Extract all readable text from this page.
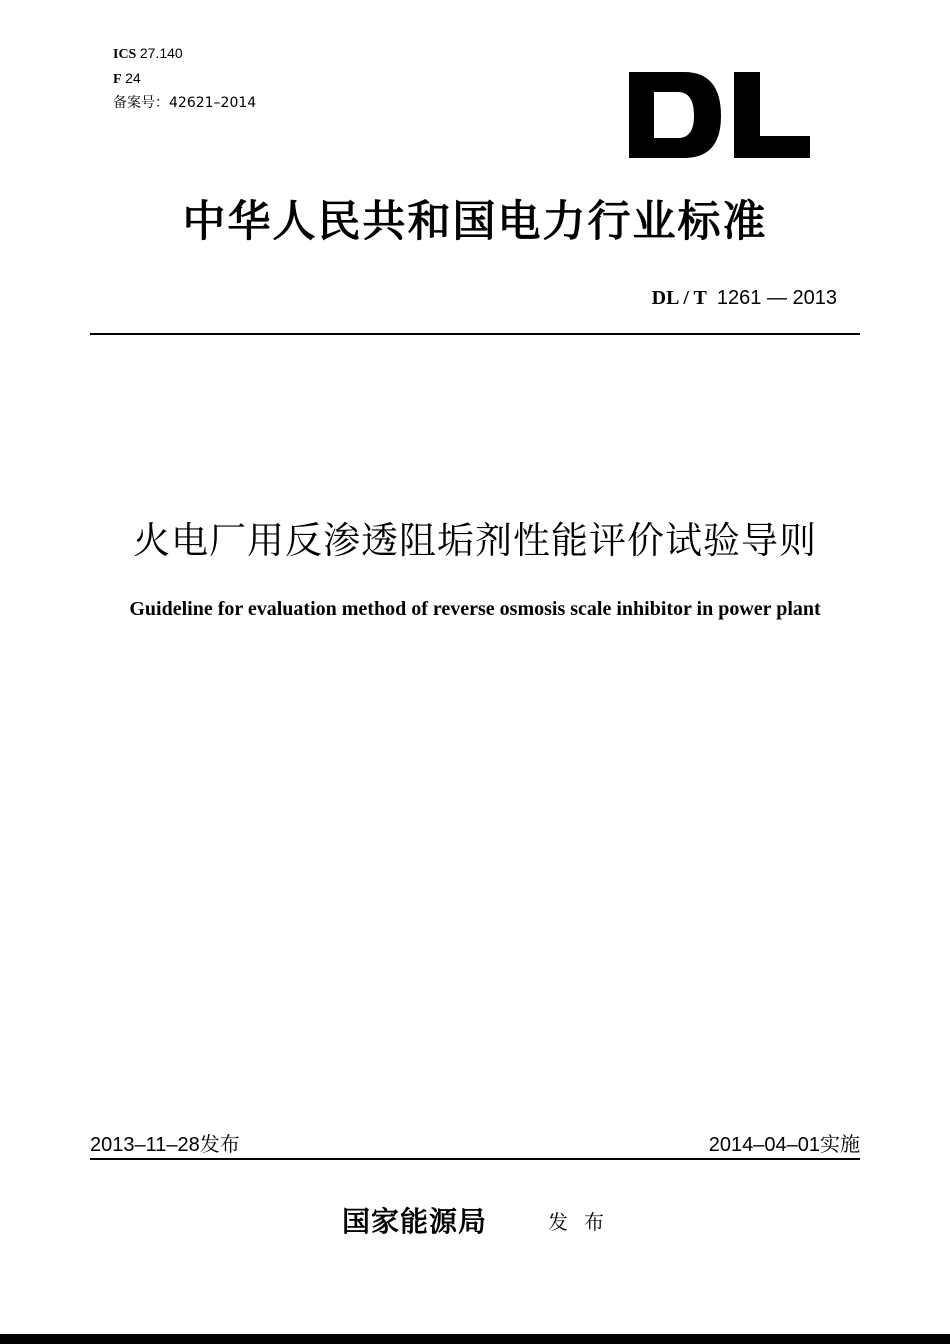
ICS 27.140
F 24
备案号：42621–2014
中华人民共和国电力行业标准
DL / T 1261 — 2013
火电厂用反渗透阻垢剂性能评价试验导则
Guideline for evaluation method of reverse osmosis scale inhibitor in power plant
2013–11–28发布	2014–04–01实施
国家能源局	发布
